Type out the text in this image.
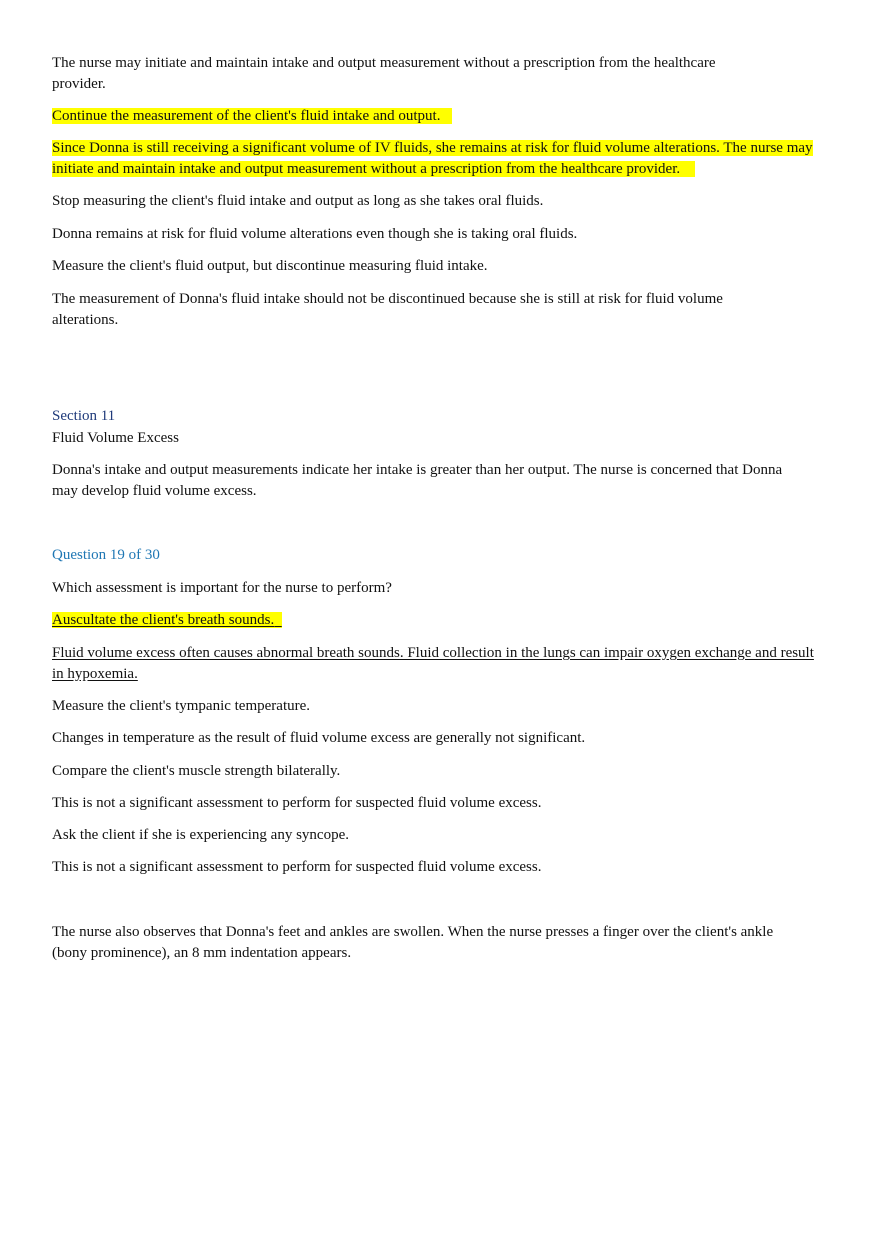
The nurse may initiate and maintain intake and output measurement without a prescription from the healthcare provider.

Continue the measurement of the client's fluid intake and output.

Since Donna is still receiving a significant volume of IV fluids, she remains at risk for fluid volume alterations. The nurse may initiate and maintain intake and output measurement without a prescription from the healthcare provider.

Stop measuring the client's fluid intake and output as long as she takes oral fluids.

Donna remains at risk for fluid volume alterations even though she is taking oral fluids.

Measure the client's fluid output, but discontinue measuring fluid intake.

The measurement of Donna's fluid intake should not be discontinued because she is still at risk for fluid volume alterations.

Section 11

Fluid Volume Excess

Donna's intake and output measurements indicate her intake is greater than her output. The nurse is concerned that Donna may develop fluid volume excess.

Question 19 of 30

Which assessment is important for the nurse to perform?

Auscultate the client's breath sounds.

Fluid volume excess often causes abnormal breath sounds. Fluid collection in the lungs can impair oxygen exchange and result in hypoxemia.

Measure the client's tympanic temperature.

Changes in temperature as the result of fluid volume excess are generally not significant.

Compare the client's muscle strength bilaterally.

This is not a significant assessment to perform for suspected fluid volume excess.

Ask the client if she is experiencing any syncope.

This is not a significant assessment to perform for suspected fluid volume excess.

The nurse also observes that Donna's feet and ankles are swollen. When the nurse presses a finger over the client's ankle (bony prominence), an 8 mm indentation appears.
